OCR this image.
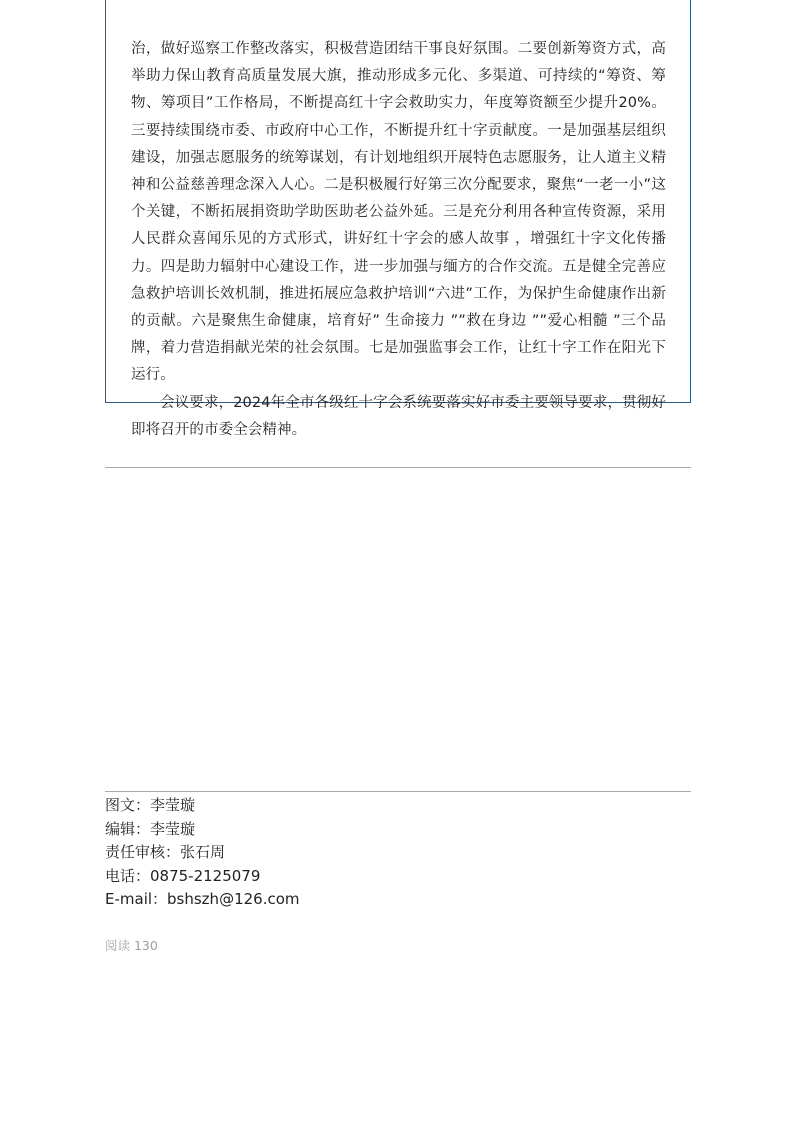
治，做好巡察工作整改落实，积极营造团结干事良好氛围。二要创新筹资方式，高举助力保山教育高质量发展大旗，推动形成多元化、多渠道、可持续的“筹资、筹物、筹项目”工作格局，不断提高红十字会救助实力，年度筹资额至少提升20%。三要持续围绕市委、市政府中心工作，不断提升红十字贡献度。一是加强基层组织建设，加强志愿服务的统筹谋划，有计划地组织开展特色志愿服务，让人道主义精神和公益慈善理念深入人心。二是积极履行好第三次分配要求，聚焦“一老一小”这个关键，不断拓展捐资助学助医助老公益外延。三是充分利用各种宣传资源，采用人民群众喜闻乐见的方式形式，讲好红十字会的感人故事 ，增强红十字文化传播力。四是助力辐射中心建设工作，进一步加强与缅方的合作交流。五是健全完善应急救护培训长效机制，推进拓展应急救护培训“六进”工作，为保护生命健康作出新的贡献。六是聚焦生命健康，培育好” 生命接力 ””救在身边 ””爱心相髓 ”三个品牌，着力营造捐献光荣的社会氛围。七是加强监事会工作，让红十字工作在阳光下运行。

会议要求，2024年全市各级红十字会系统要落实好市委主要领导要求，贯彻好即将召开的市委全会精神。

图文：李莹璇
编辑：李莹璇
责任审核：张石周
电话：0875-2125079
E-mail：bshszh@126.com
阅读 130
